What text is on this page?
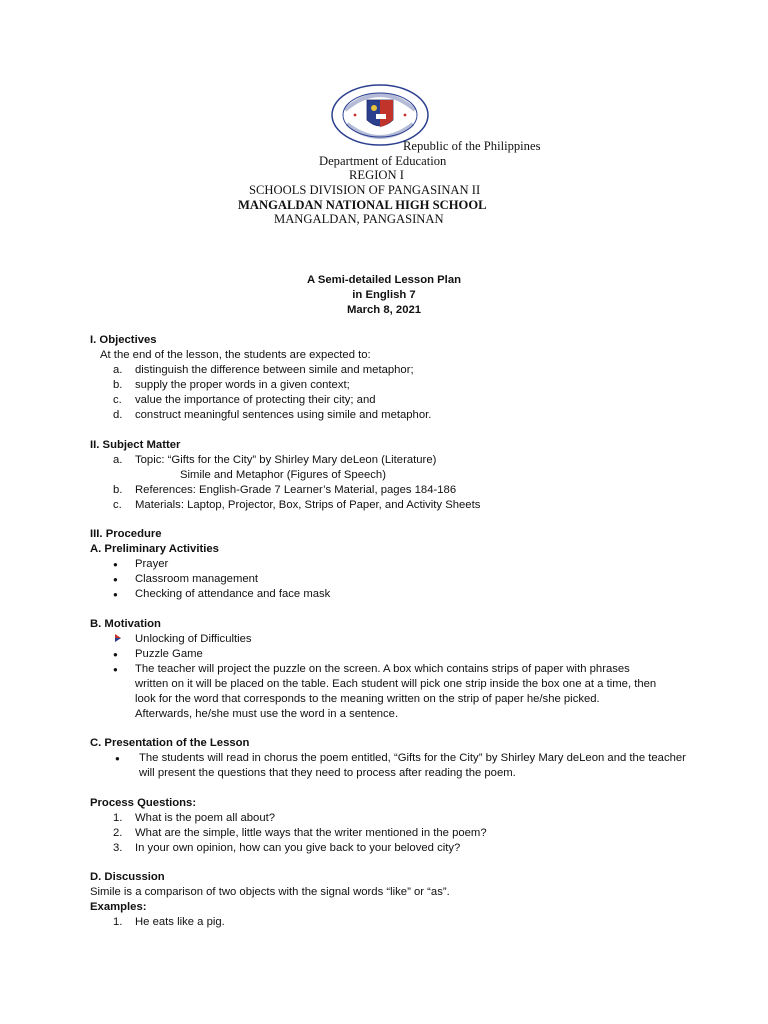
Republic of the Philippines
Department of Education
REGION I
SCHOOLS DIVISION OF PANGASINAN II
MANGALDAN NATIONAL HIGH SCHOOL
MANGALDAN, PANGASINAN
A Semi-detailed Lesson Plan
in English 7
March 8, 2021
I. Objectives
At the end of the lesson, the students are expected to:
a.	distinguish the difference between simile and metaphor;
b.	supply the proper words in a given context;
c.	value the importance of protecting their city; and
d.	construct meaningful sentences using simile and metaphor.
II. Subject Matter
a.	Topic: “Gifts for the City” by Shirley Mary deLeon (Literature)
Simile and Metaphor (Figures of Speech)
b.	References: English-Grade 7 Learner’s Material, pages 184-186
c.	Materials: Laptop, Projector, Box, Strips of Paper, and Activity Sheets
III. Procedure
A. Preliminary Activities
●	Prayer
●	Classroom management
●	Checking of attendance and face mask
B. Motivation
Unlocking of Difficulties
●	Puzzle Game
●	The teacher will project the puzzle on the screen. A box which contains strips of paper with phrases written on it will be placed on the table. Each student will pick one strip inside the box one at a time, then look for the word that corresponds to the meaning written on the strip of paper he/she picked. Afterwards, he/she must use the word in a sentence.
C. Presentation of the Lesson
●	The students will read in chorus the poem entitled, “Gifts for the City” by Shirley Mary deLeon and the teacher will present the questions that they need to process after reading the poem.
Process Questions:
1.	What is the poem all about?
2.	What are the simple, little ways that the writer mentioned in the poem?
3.	In your own opinion, how can you give back to your beloved city?
D. Discussion
Simile is a comparison of two objects with the signal words “like” or “as”.
Examples:
1.	He eats like a pig.
